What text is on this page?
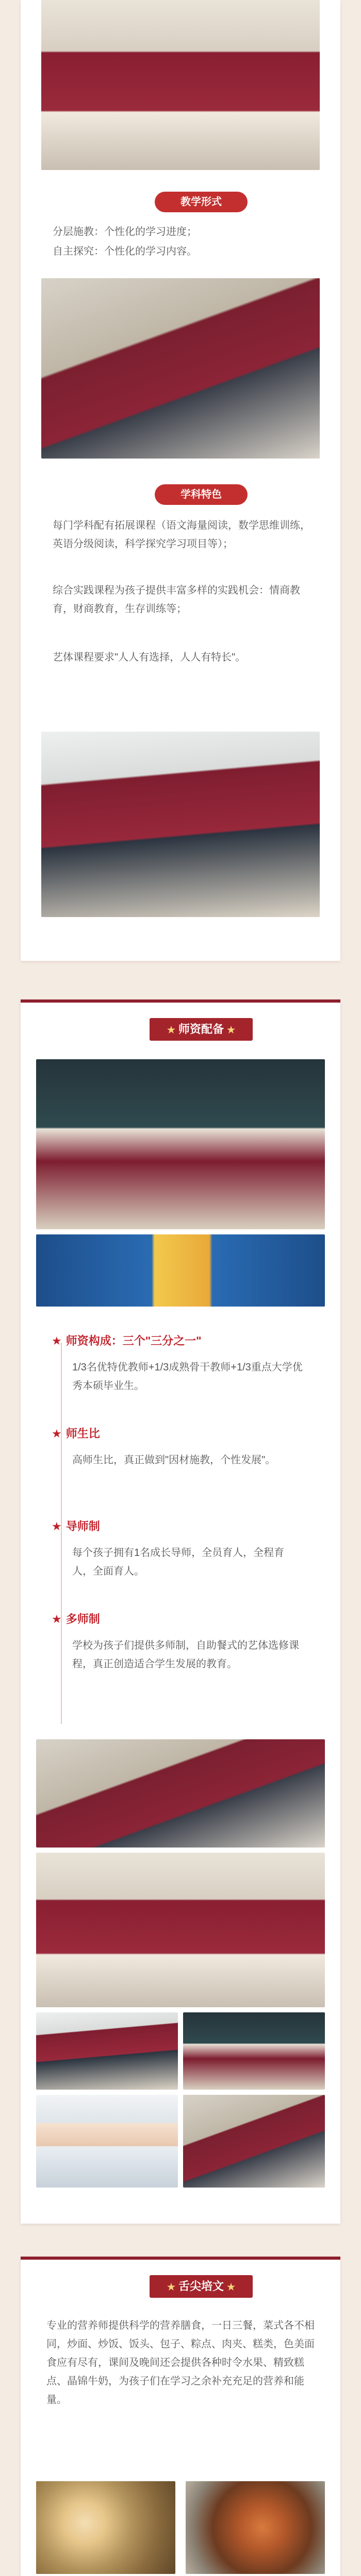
教学形式
分层施教：个性化的学习进度；
自主探究：个性化的学习内容。
学科特色
每门学科配有拓展课程（语文海量阅读，数学思维训练，英语分级阅读，科学探究学习项目等）；
综合实践课程为孩子提供丰富多样的实践机会：情商教育，财商教育，生存训练等；
艺体课程要求"人人有选择，人人有特长"。
★ 师资配备 ★
★ 师资构成：三个"三分之一"
1/3名优特优教师+1/3成熟骨干教师+1/3重点大学优秀本硕毕业生。
★ 师生比
高师生比，真正做到"因材施教，个性发展"。
★ 导师制
每个孩子拥有1名成长导师，全员育人，全程育人，全面育人。
★ 多师制
学校为孩子们提供多师制，自助餐式的艺体选修课程，真正创造适合学生发展的教育。
★ 舌尖培文 ★
专业的营养师提供科学的营养膳食，一日三餐，菜式各不相同，炒面、炒饭、饭头、包子、粽点、肉夹、糕类，色美面食应有尽有，课间及晚间还会提供各种时令水果、精致糕点、晶锦牛奶，为孩子们在学习之余补充充足的营养和能量。
